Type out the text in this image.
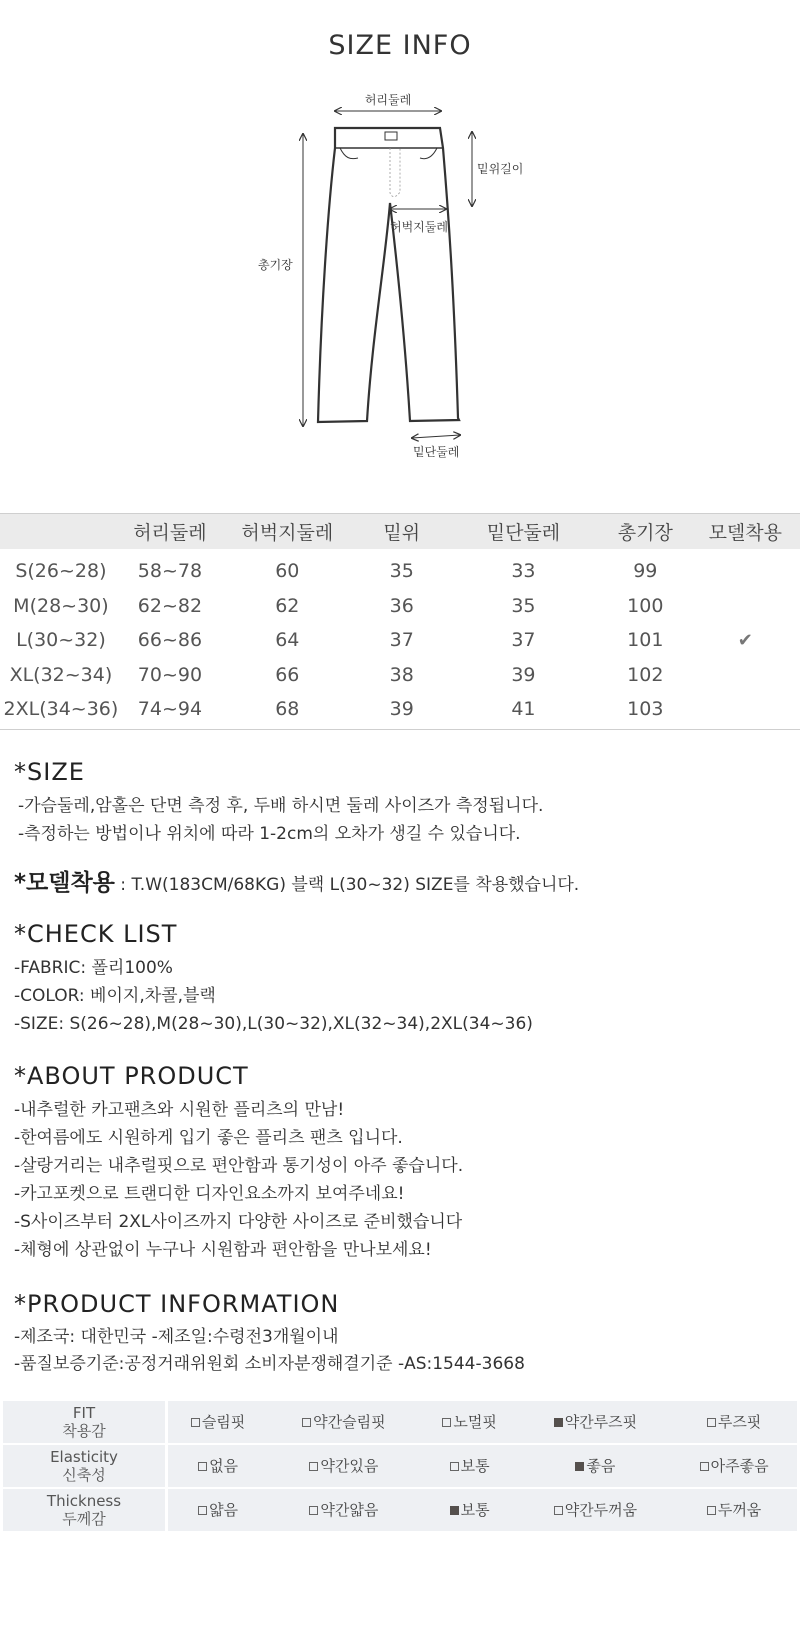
SIZE INFO
허리둘레
밑위길이
허벅지둘레
총기장
밑단둘레
	허리둘레	허벅지둘레	밑위	밑단둘레	총기장	모델착용
S(26~28)	58~78	60	35	33	99	
M(28~30)	62~82	62	36	35	100	
L(30~32)	66~86	64	37	37	101	✔
XL(32~34)	70~90	66	38	39	102	
2XL(34~36)	74~94	68	39	41	103	
*SIZE
-가슴둘레,암홀은 단면 측정 후, 두배 하시면 둘레 사이즈가 측정됩니다.
-측정하는 방법이나 위치에 따라 1-2cm의 오차가 생길 수 있습니다.
*모델착용 : T.W(183CM/68KG) 블랙 L(30~32) SIZE를 착용했습니다.
*CHECK LIST
-FABRIC: 폴리100%
-COLOR: 베이지,차콜,블랙
-SIZE: S(26~28),M(28~30),L(30~32),XL(32~34),2XL(34~36)
*ABOUT PRODUCT
-내추럴한 카고팬츠와 시원한 플리츠의 만남!
-한여름에도 시원하게 입기 좋은 플리츠 팬츠 입니다.
-살랑거리는 내추럴핏으로 편안함과 통기성이 아주 좋습니다.
-카고포켓으로 트랜디한 디자인요소까지 보여주네요!
-S사이즈부터 2XL사이즈까지 다양한 사이즈로 준비했습니다
-체형에 상관없이 누구나 시원함과 편안함을 만나보세요!
*PRODUCT INFORMATION
-제조국: 대한민국 -제조일:수령전3개월이내
-품질보증기준:공정거래위원회 소비자분쟁해결기준 -AS:1544-3668
FIT
착용감	슬림핏	약간슬림핏	노멀핏	약간루즈핏	루즈핏

Elasticity
신축성	없음	약간있음	보통	좋음	아주좋음

Thickness
두께감	얇음	약간얇음	보통	약간두꺼움	두꺼움
